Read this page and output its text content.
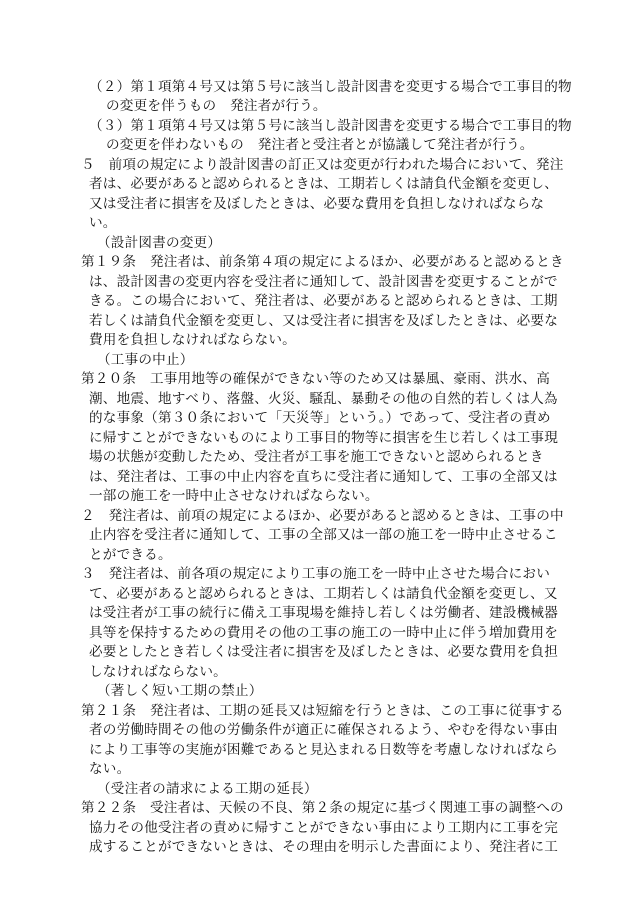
（２）第１項第４号又は第５号に該当し設計図書を変更する場合で工事目的物
の変更を伴うもの　発注者が行う。
（３）第１項第４号又は第５号に該当し設計図書を変更する場合で工事目的物
の変更を伴わないもの　発注者と受注者とが協議して発注者が行う。
５　前項の規定により設計図書の訂正又は変更が行われた場合において、発注
者は、必要があると認められるときは、工期若しくは請負代金額を変更し、
又は受注者に損害を及ぼしたときは、必要な費用を負担しなければならな
い。
（設計図書の変更）
第１９条　発注者は、前条第４項の規定によるほか、必要があると認めるとき
は、設計図書の変更内容を受注者に通知して、設計図書を変更することがで
きる。この場合において、発注者は、必要があると認められるときは、工期
若しくは請負代金額を変更し、又は受注者に損害を及ぼしたときは、必要な
費用を負担しなければならない。
（工事の中止）
第２０条　工事用地等の確保ができない等のため又は暴風、豪雨、洪水、高
潮、地震、地すべり、落盤、火災、騒乱、暴動その他の自然的若しくは人為
的な事象（第３０条において「天災等」という。）であって、受注者の責め
に帰すことができないものにより工事目的物等に損害を生じ若しくは工事現
場の状態が変動したため、受注者が工事を施工できないと認められるとき
は、発注者は、工事の中止内容を直ちに受注者に通知して、工事の全部又は
一部の施工を一時中止させなければならない。
２　発注者は、前項の規定によるほか、必要があると認めるときは、工事の中
止内容を受注者に通知して、工事の全部又は一部の施工を一時中止させるこ
とができる。
３　発注者は、前各項の規定により工事の施工を一時中止させた場合におい
て、必要があると認められるときは、工期若しくは請負代金額を変更し、又
は受注者が工事の続行に備え工事現場を維持し若しくは労働者、建設機械器
具等を保持するための費用その他の工事の施工の一時中止に伴う増加費用を
必要としたとき若しくは受注者に損害を及ぼしたときは、必要な費用を負担
しなければならない。
（著しく短い工期の禁止）
第２１条　発注者は、工期の延長又は短縮を行うときは、この工事に従事する
者の労働時間その他の労働条件が適正に確保されるよう、やむを得ない事由
により工事等の実施が困難であると見込まれる日数等を考慮しなければなら
ない。
（受注者の請求による工期の延長）
第２２条　受注者は、天候の不良、第２条の規定に基づく関連工事の調整への
協力その他受注者の責めに帰すことができない事由により工期内に工事を完
成することができないときは、その理由を明示した書面により、発注者に工
